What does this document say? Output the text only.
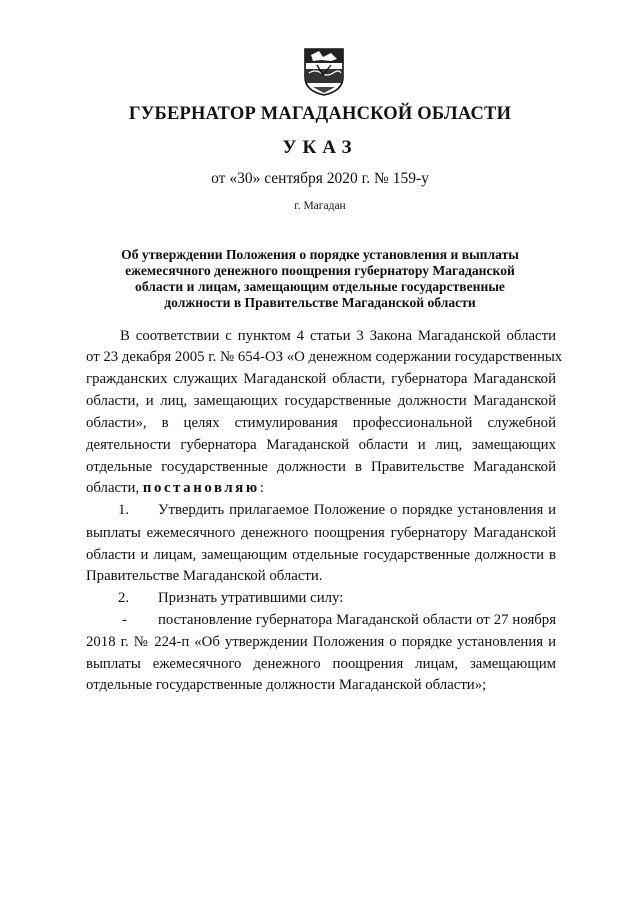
ГУБЕРНАТОР МАГАДАНСКОЙ ОБЛАСТИ
УКАЗ
от «30» сентября 2020 г. № 159-у
г. Магадан
Об утверждении Положения о порядке установления и выплаты
ежемесячного денежного поощрения губернатору Магаданской
области и лицам, замещающим отдельные государственные
должности в Правительстве Магаданской области
В соответствии с пунктом 4 статьи 3 Закона Магаданской области
от 23 декабря 2005 г. № 654-ОЗ «О денежном содержании государственных
гражданских служащих Магаданской области, губернатора Магаданской
области, и лиц, замещающих государственные должности Магаданской
области», в целях стимулирования профессиональной служебной
деятельности губернатора Магаданской области и лиц, замещающих
отдельные государственные должности в Правительстве Магаданской
области, постановляю:
1. Утвердить прилагаемое Положение о порядке установления и
выплаты ежемесячного денежного поощрения губернатору Магаданской
области и лицам, замещающим отдельные государственные должности в
Правительстве Магаданской области.
2. Признать утратившими силу:
- постановление губернатора Магаданской области от 27 ноября
2018 г. № 224-п «Об утверждении Положения о порядке установления и
выплаты ежемесячного денежного поощрения лицам, замещающим
отдельные государственные должности Магаданской области»;
